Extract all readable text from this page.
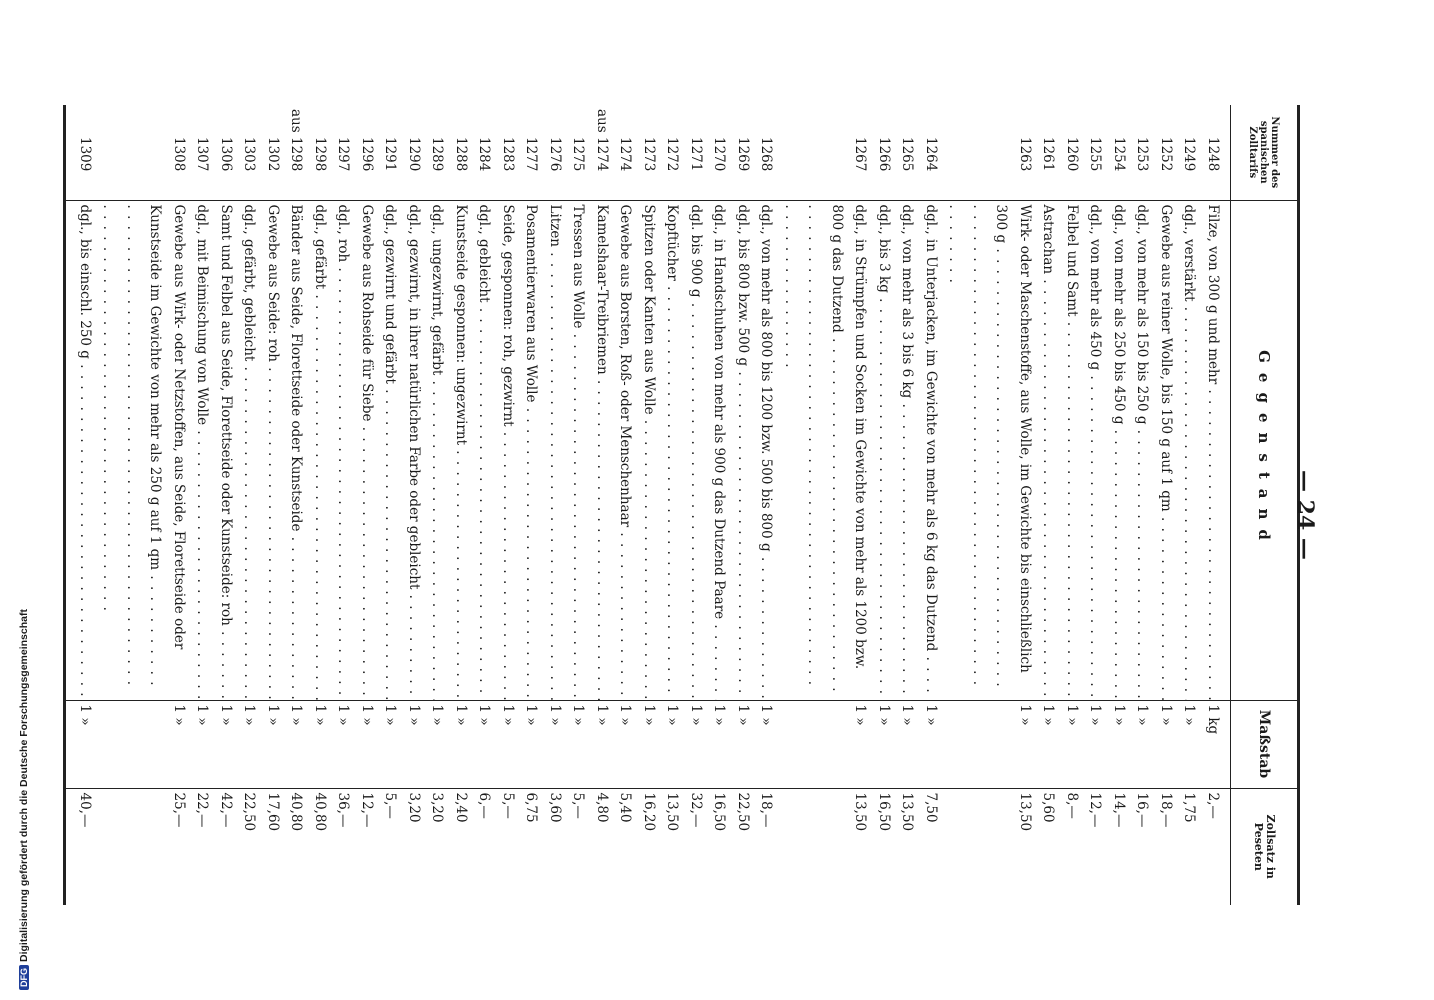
Nummer des spanischen Zolltarifs	Gegenstand	Maßstab	Zollsatz in Peseten
1248	Filze, von 300 g und mehr . . .	1 kg	2,—
1249	dgl., verstärkt . . .	1 »	1,75
1252	Gewebe aus reiner Wolle, bis 150 g auf 1 qm . . .	1 »	18,—
1253	dgl., von mehr als 150 bis 250 g . . .	1 »	16,—
1254	dgl., von mehr als 250 bis 450 g . . .	1 »	14,—
1255	dgl., von mehr als 450 g . . .	1 »	12,—
1260	Felbel und Samt . . .	1 »	8,—
1261	Astrachan . . .	1 »	5,60
1263	Wirk- oder Maschenstoffe, aus Wolle, im Gewichte bis einschließlich 300 g . . .	1 »	13,50
1264	dgl., in Unterjacken, im Gewichte von mehr als 6 kg das Dutzend . . .	1 »	7,50
1265	dgl., von mehr als 3 bis 6 kg . . .	1 »	13,50
1266	dgl., bis 3 kg . . .	1 »	16,50
1267	dgl., in Strümpfen und Socken im Gewichte von mehr als 1200 bzw. 800 g das Dutzend . . .	1 »	13,50
1268	dgl., von mehr als 800 bis 1200 bzw. 500 bis 800 g . . .	1 »	18,—
1269	dgl., bis 800 bzw. 500 g . . .	1 »	22,50
1270	dgl., in Handschuhen von mehr als 900 g das Dutzend Paare . . .	1 »	16,50
1271	dgl. bis 900 g . . .	1 »	32,—
1272	Kopftücher . . .	1 »	13,50
1273	Spitzen oder Kanten aus Wolle . . .	1 »	16,20
1274	Gewebe aus Borsten, Roß- oder Menschenhaar . . .	1 »	5,40
aus1274	Kamelshaar-Treibriemen . . .	1 »	4,80
1275	Tressen aus Wolle . . .	1 »	5,—
1276	Litzen . . .	1 »	3,60
1277	Posamentierwaren aus Wolle . . .	1 »	6,75
1283	Seide, gesponnen: roh, gezwirnt . . .	1 »	5,—
1284	dgl., gebleicht . . .	1 »	6,—
1288	Kunstseide gesponnen: ungezwirnt . . .	1 »	2,40
1289	dgl., ungezwirnt, gefärbt . . .	1 »	3,20
1290	dgl., gezwirnt, in ihrer natürlichen Farbe oder gebleicht . . .	1 »	3,20
1291	dgl., gezwirnt und gefärbt . . .	1 »	5,—
1296	Gewebe aus Rohseide für Siebe . . .	1 »	12,—
1297	dgl., roh . . .	1 »	36,—
1298	dgl., gefärbt . . .	1 »	40,80
aus1298	Bänder aus Seide, Florettseide oder Kunstseide . . .	1 »	40,80
1302	Gewebe aus Seide: roh . . .	1 »	17,60
1303	dgl., gefärbt, gebleicht . . .	1 »	22,50
1306	Samt und Felbel aus Seide, Florettseide oder Kunstseide: roh . . .	1 »	42,—
1307	dgl., mit Beimischung von Wolle . . .	1 »	22,—
1308	Gewebe aus Wirk- oder Netzstoffen, aus Seide, Florettseide oder Kunstseide im Gewichte von mehr als 250 g auf 1 qm . . .	1 »	25,—
1309	dgl., bis einschl. 250 g . . .	1 »	40,—
— 24 —
DFGDigitalisierung gefördert durch die Deutsche Forschungsgemeinschaft
